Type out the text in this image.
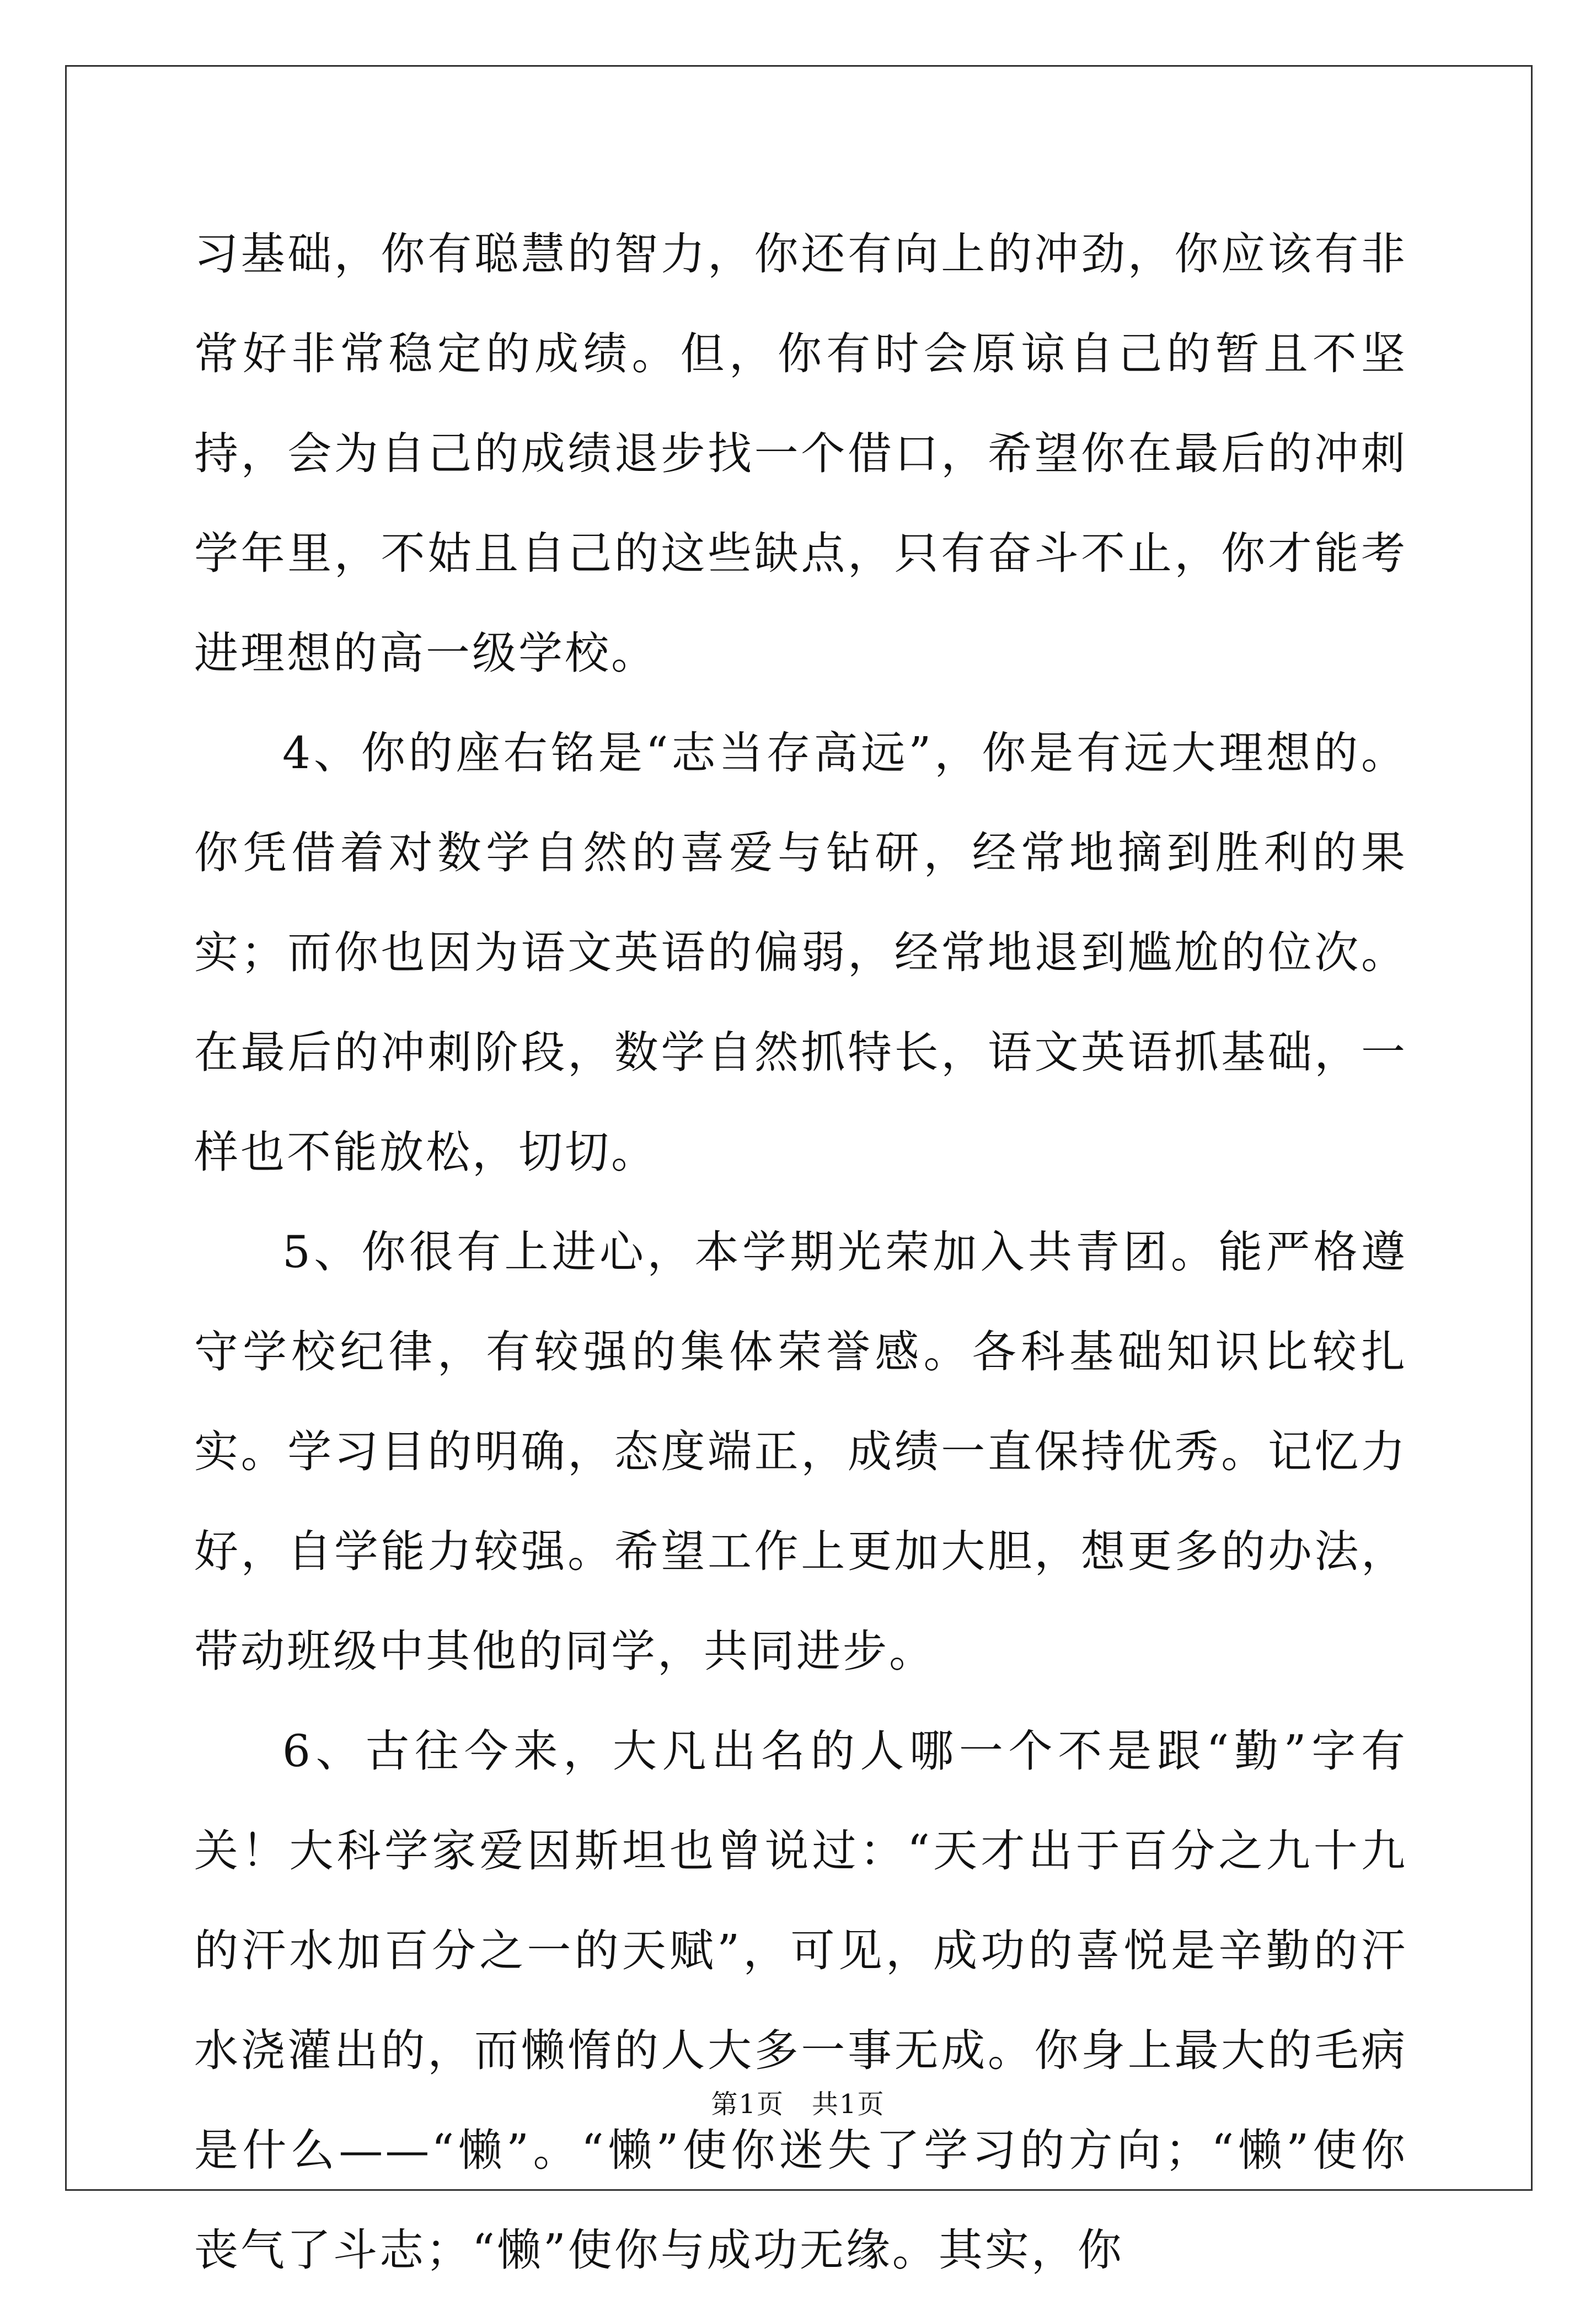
习基础，你有聪慧的智力，你还有向上的冲劲，你应该有非常好非常稳定的成绩。但，你有时会原谅自己的暂且不坚持，会为自己的成绩退步找一个借口，希望你在最后的冲刺学年里，不姑且自己的这些缺点，只有奋斗不止，你才能考进理想的高一级学校。

4、你的座右铭是“志当存高远”，你是有远大理想的。你凭借着对数学自然的喜爱与钻研，经常地摘到胜利的果实；而你也因为语文英语的偏弱，经常地退到尴尬的位次。在最后的冲刺阶段，数学自然抓特长，语文英语抓基础，一样也不能放松，切切。

5、你很有上进心，本学期光荣加入共青团。能严格遵守学校纪律，有较强的集体荣誉感。各科基础知识比较扎实。学习目的明确，态度端正，成绩一直保持优秀。记忆力好，自学能力较强。希望工作上更加大胆，想更多的办法，带动班级中其他的同学，共同进步。

6、古往今来，大凡出名的人哪一个不是跟“勤”字有关！大科学家爱因斯坦也曾说过：“天才出于百分之九十九的汗水加百分之一的天赋”，可见，成功的喜悦是辛勤的汗水浇灌出的，而懒惰的人大多一事无成。你身上最大的毛病是什么——“懒”。“懒”使你迷失了学习的方向；“懒”使你丧气了斗志；“懒”使你与成功无缘。其实，你

第1页　共1页
